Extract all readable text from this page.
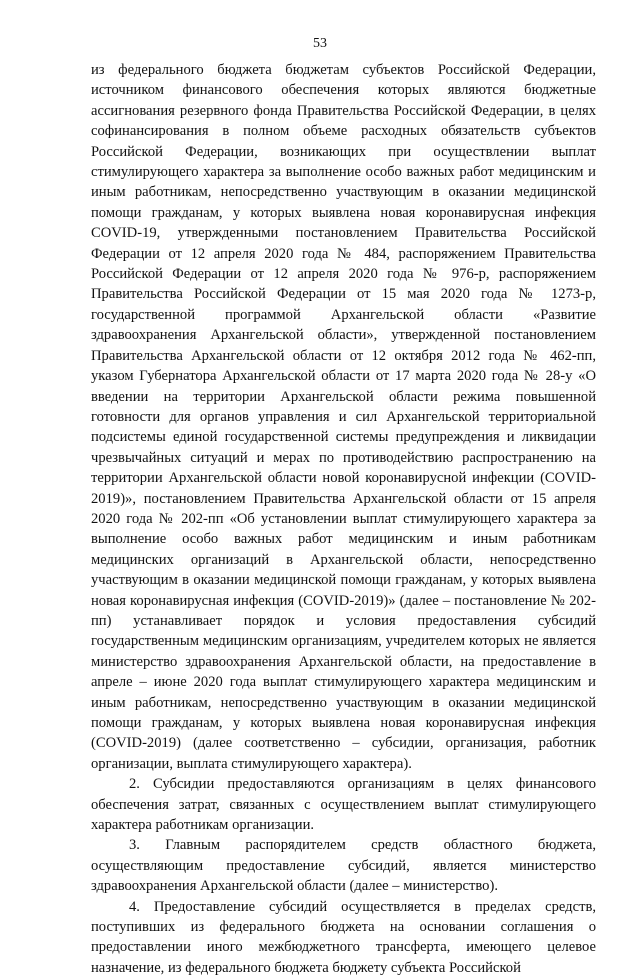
53

из федерального бюджета бюджетам субъектов Российской Федерации, источником финансового обеспечения которых являются бюджетные ассигнования резервного фонда Правительства Российской Федерации, в целях софинансирования в полном объеме расходных обязательств субъектов Российской Федерации, возникающих при осуществлении выплат стимулирующего характера за выполнение особо важных работ медицинским и иным работникам, непосредственно участвующим в оказании медицинской помощи гражданам, у которых выявлена новая коронавирусная инфекция COVID-19, утвержденными постановлением Правительства Российской Федерации от 12 апреля 2020 года № 484, распоряжением Правительства Российской Федерации от 12 апреля 2020 года № 976-р, распоряжением Правительства Российской Федерации от 15 мая 2020 года № 1273-р, государственной программой Архангельской области «Развитие здравоохранения Архангельской области», утвержденной постановлением Правительства Архангельской области от 12 октября 2012 года № 462-пп, указом Губернатора Архангельской области от 17 марта 2020 года № 28-у «О введении на территории Архангельской области режима повышенной готовности для органов управления и сил Архангельской территориальной подсистемы единой государственной системы предупреждения и ликвидации чрезвычайных ситуаций и мерах по противодействию распространению на территории Архангельской области новой коронавирусной инфекции (COVID-2019)», постановлением Правительства Архангельской области от 15 апреля 2020 года № 202-пп «Об установлении выплат стимулирующего характера за выполнение особо важных работ медицинским и иным работникам медицинских организаций в Архангельской области, непосредственно участвующим в оказании медицинской помощи гражданам, у которых выявлена новая коронавирусная инфекция (COVID-2019)» (далее – постановление № 202-пп) устанавливает порядок и условия предоставления субсидий государственным медицинским организациям, учредителем которых не является министерство здравоохранения Архангельской области, на предоставление в апреле – июне 2020 года выплат стимулирующего характера медицинским и иным работникам, непосредственно участвующим в оказании медицинской помощи гражданам, у которых выявлена новая коронавирусная инфекция (COVID-2019) (далее соответственно – субсидии, организация, работник организации, выплата стимулирующего характера).

2. Субсидии предоставляются организациям в целях финансового обеспечения затрат, связанных с осуществлением выплат стимулирующего характера работникам организации.

3. Главным распорядителем средств областного бюджета, осуществляющим предоставление субсидий, является министерство здравоохранения Архангельской области (далее – министерство).

4. Предоставление субсидий осуществляется в пределах средств, поступивших из федерального бюджета на основании соглашения о предоставлении иного межбюджетного трансферта, имеющего целевое назначение, из федерального бюджета бюджету субъекта Российской
